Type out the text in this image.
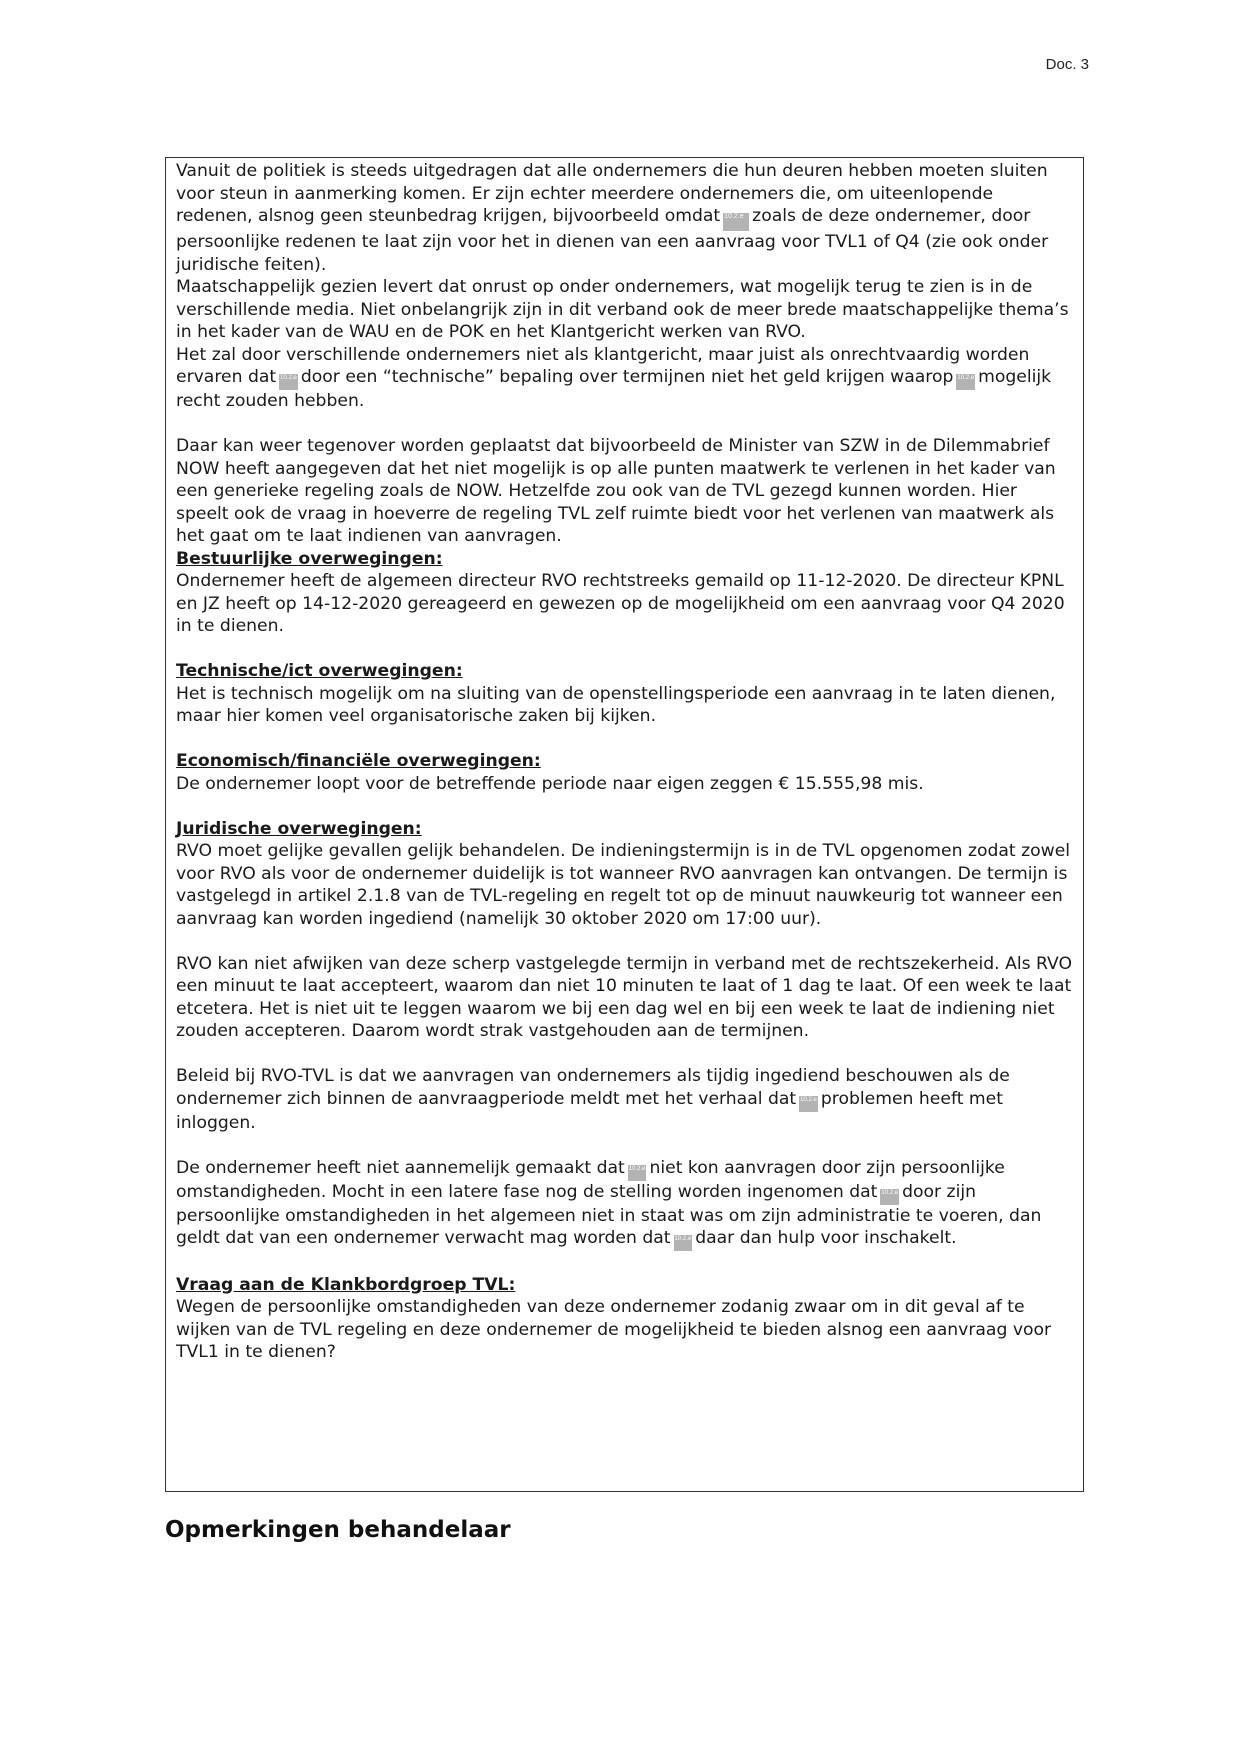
Doc. 3

Vanuit de politiek is steeds uitgedragen dat alle ondernemers die hun deuren hebben moeten sluiten voor steun in aanmerking komen. Er zijn echter meerdere ondernemers die, om uiteenlopende redenen, alsnog geen steunbedrag krijgen, bijvoorbeeld omdat 10.2.e zoals de deze ondernemer, door persoonlijke redenen te laat zijn voor het in dienen van een aanvraag voor TVL1 of Q4 (zie ook onder juridische feiten).

Maatschappelijk gezien levert dat onrust op onder ondernemers, wat mogelijk terug te zien is in de verschillende media. Niet onbelangrijk zijn in dit verband ook de meer brede maatschappelijke thema’s in het kader van de WAU en de POK en het Klantgericht werken van RVO.

Het zal door verschillende ondernemers niet als klantgericht, maar juist als onrechtvaardig worden ervaren dat 10.2.e door een “technische” bepaling over termijnen niet het geld krijgen waarop 10.2.e mogelijk recht zouden hebben.

Daar kan weer tegenover worden geplaatst dat bijvoorbeeld de Minister van SZW in de Dilemmabrief NOW heeft aangegeven dat het niet mogelijk is op alle punten maatwerk te verlenen in het kader van een generieke regeling zoals de NOW. Hetzelfde zou ook van de TVL gezegd kunnen worden. Hier speelt ook de vraag in hoeverre de regeling TVL zelf ruimte biedt voor het verlenen van maatwerk als het gaat om te laat indienen van aanvragen.

Bestuurlijke overwegingen:

Ondernemer heeft de algemeen directeur RVO rechtstreeks gemaild op 11-12-2020. De directeur KPNL en JZ heeft op 14-12-2020 gereageerd en gewezen op de mogelijkheid om een aanvraag voor Q4 2020 in te dienen.

Technische/ict overwegingen:

Het is technisch mogelijk om na sluiting van de openstellingsperiode een aanvraag in te laten dienen, maar hier komen veel organisatorische zaken bij kijken.

Economisch/financiële overwegingen:

De ondernemer loopt voor de betreffende periode naar eigen zeggen € 15.555,98 mis.

Juridische overwegingen:

RVO moet gelijke gevallen gelijk behandelen. De indieningstermijn is in de TVL opgenomen zodat zowel voor RVO als voor de ondernemer duidelijk is tot wanneer RVO aanvragen kan ontvangen. De termijn is vastgelegd in artikel 2.1.8 van de TVL-regeling en regelt tot op de minuut nauwkeurig tot wanneer een aanvraag kan worden ingediend (namelijk 30 oktober 2020 om 17:00 uur).

RVO kan niet afwijken van deze scherp vastgelegde termijn in verband met de rechtszekerheid. Als RVO een minuut te laat accepteert, waarom dan niet 10 minuten te laat of 1 dag te laat. Of een week te laat etcetera. Het is niet uit te leggen waarom we bij een dag wel en bij een week te laat de indiening niet zouden accepteren. Daarom wordt strak vastgehouden aan de termijnen.

Beleid bij RVO-TVL is dat we aanvragen van ondernemers als tijdig ingediend beschouwen als de ondernemer zich binnen de aanvraagperiode meldt met het verhaal dat 10.2.e problemen heeft met inloggen.

De ondernemer heeft niet aannemelijk gemaakt dat 10.2.e niet kon aanvragen door zijn persoonlijke omstandigheden. Mocht in een latere fase nog de stelling worden ingenomen dat 10.2.e door zijn persoonlijke omstandigheden in het algemeen niet in staat was om zijn administratie te voeren, dan geldt dat van een ondernemer verwacht mag worden dat 10.2.e daar dan hulp voor inschakelt.

Vraag aan de Klankbordgroep TVL:

Wegen de persoonlijke omstandigheden van deze ondernemer zodanig zwaar om in dit geval af te wijken van de TVL regeling en deze ondernemer de mogelijkheid te bieden alsnog een aanvraag voor TVL1 in te dienen?

Opmerkingen behandelaar
